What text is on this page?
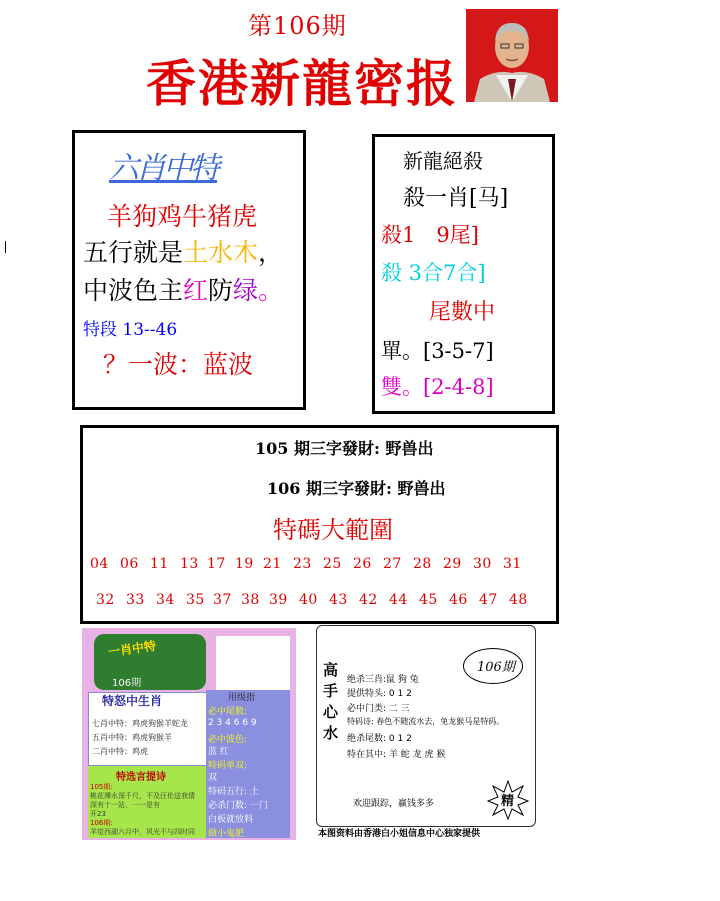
第106期
香港新龍密报
六肖中特
羊狗鸡牛猪虎
五行就是土水木，
中波色主红防绿。
特段 13--46
？一波：蓝波
新龍絕殺
殺一肖[马]
殺1　9尾]
殺 3合7合]
尾數中
單。[3-5-7]
雙。[2-4-8]
105 期三字發財: 野兽出
106 期三字發財: 野兽出
特碼大範圍
04 06 11 13 17 19 21 23 25 26 27 28 29 30 31
32 33 34 35 37 38 39 40 43 42 44 45 46 47 48
一肖中特
106期
特怒中生肖
七肖中特：鸡虎狗猴羊蛇龙
五肖中特：鸡虎狗猴羊
二肖中特：鸡虎
用级指
必中尾数:
2 3 4 6 6 9
必中波色:
蓝 红
特码单双:
双
特码五行: 土
必杀门数: 一门
白板就放料
做小鬼肥
特选言提诗
105期:
桃花潭水深千尺，不及汪伦送我情
深有十一站，一一是有
开23
106期:
羊觉西湖六月中，风光不与四时同
高
手
心
水
106期
绝杀三肖:鼠 狗 兔
提供特头: 0 1 2
必中门类: 二 三
特码诗: 春色不随流水去，兔龙猴马是特码。
绝杀尾数: 0 1 2
特在其中: 羊 蛇 龙 虎 猴
欢迎跟踪，赢钱多多	精
本图资料由香港白小姐信息中心独家提供
